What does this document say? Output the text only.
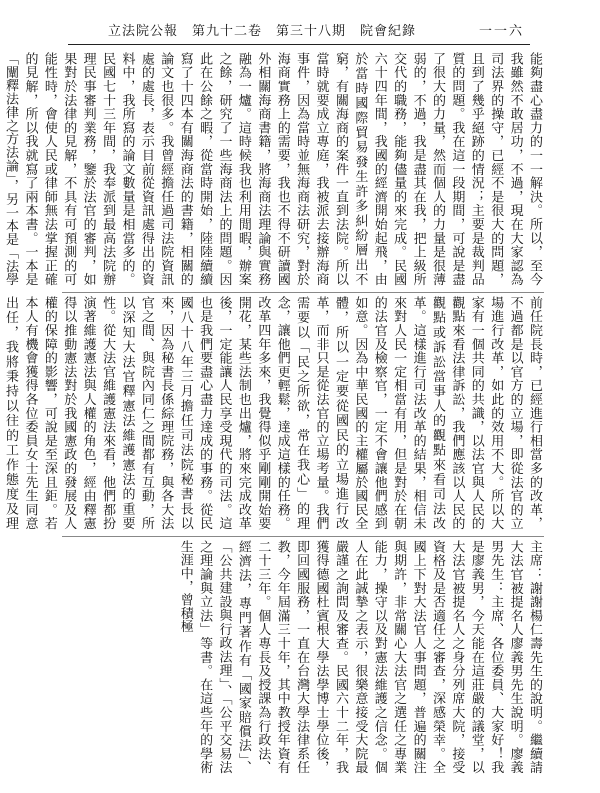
立法院公報　第九十二卷　第三十八期　院會紀錄	一一六
能夠盡心盡力的一一解決。所以，至今我雖然不敢居功，不過，現在大家認為司法界的操守，已經不是很大的問題，且到了幾乎絕跡的情況；主要是裁判品質的問題。我在這一段期間，可說是盡了很大的力量，然而個人的力量是很薄弱的，不過，我是盡其在我，把上級所交代的職務，能夠儘量的來完成。民國六十四年間，我國的經濟開始起飛，由於當時國際貿易發生許多糾紛層出不窮，有關海商的案件一直到法院。所以當時就要成立專庭，我被派去接辦海商事件，因為當時並無海商法研究，對於海商實務上的需要，我也不得不研讀國外相關海商書籍，將海商法理論與實務融為一爐。這時候我也利用閒暇，辦案之餘，研究了一些海商法上的問題。因此在公餘之暇，從當時開始，陸陸續續寫了十四本有關海商法的書籍，相關的論文也很多。我曾經擔任過司法院資訊處的處長，表示目前從資訊處得出的資料中，我所寫的論文數量是相當多的。民國七十三年間，我奉派到最高法院辦理民事審判業務，鑒於法官的審判，如果對於法律的見解，不具有可預測的可能性時，會使人民或律師無法掌握正確的見解，所以我就寫了兩本書。一本是「闡釋法律之方法論」，另一本是「法學
前任院長時，已經進行相當多的改革，不過都是以官方的立場，即從法官的立場進行改革，如此的效用不大。所以大家有一個共同的共識，以法官與人民的觀點來看法律訴訟，我們應該以人民的觀點或訴訟當事人的觀點來看司法改革。這樣進行司法改革的結果，相信未來對人民一定相當有用，但是對於在朝的法官及檢察官，一定不會讓他們感到如意。因為中華民國的主權屬於國民全體，所以一定要從國民的立場進行改革，而非只是從法官的立場考量。我們需要以「民之所欲，常在我心」的理念，讓他們更輕鬆，達成這樣的任務。改革四年多來，我覺得似乎剛剛開始要開花，某些法制也出爐，將來完成改革後，一定能讓人民享受現代的司法。這也是我們要盡心盡力達成的事務。從民國八十八年三月擔任司法院秘書長以來，因為秘書長係綜理院務，與各大法官之間、與院內同仁之間都有互動，所以深知大法官釋憲法維護憲法的重要性。從大法官維護憲法來看，他們都扮演著維護憲法與人權的角色，經由釋憲得以推動憲法對於我國憲政的發展及人權的保障的影響，可說是至深且鉅。若本人有機會獲得各位委員女士先生同意出任，我將秉持以往的工作態度及理
主席：謝謝楊仁壽先生的說明。繼續請大法官被提名人廖義男先生說明。廖義男先生：主席、各位委員、大家好！我是廖義男，今天能在這莊嚴的議堂，以大法官被提名人之身分列席大院，接受資格及是否適任之審查，深感榮幸。全國上下對大法官人事問題，普遍的關注與期許，非常關心大法官之選任之專業能力，操守以及對憲法維護之信念。個人在此誠摯之表示，很樂意接受大院最嚴謹之詢問及審查。民國六十二年，我獲得德國杜賓根大學法學博士學位後，即回國服務，一直在台灣大學法律系任教，今年屆滿三十年，其中教授年資有二十三年。個人專長及授課為行政法、經濟法，專門著作有「國家賠償法」、「公共建設與行政法理」、「公平交易法之理論與立法」等書。在這些年的學術生涯中，曾積極
